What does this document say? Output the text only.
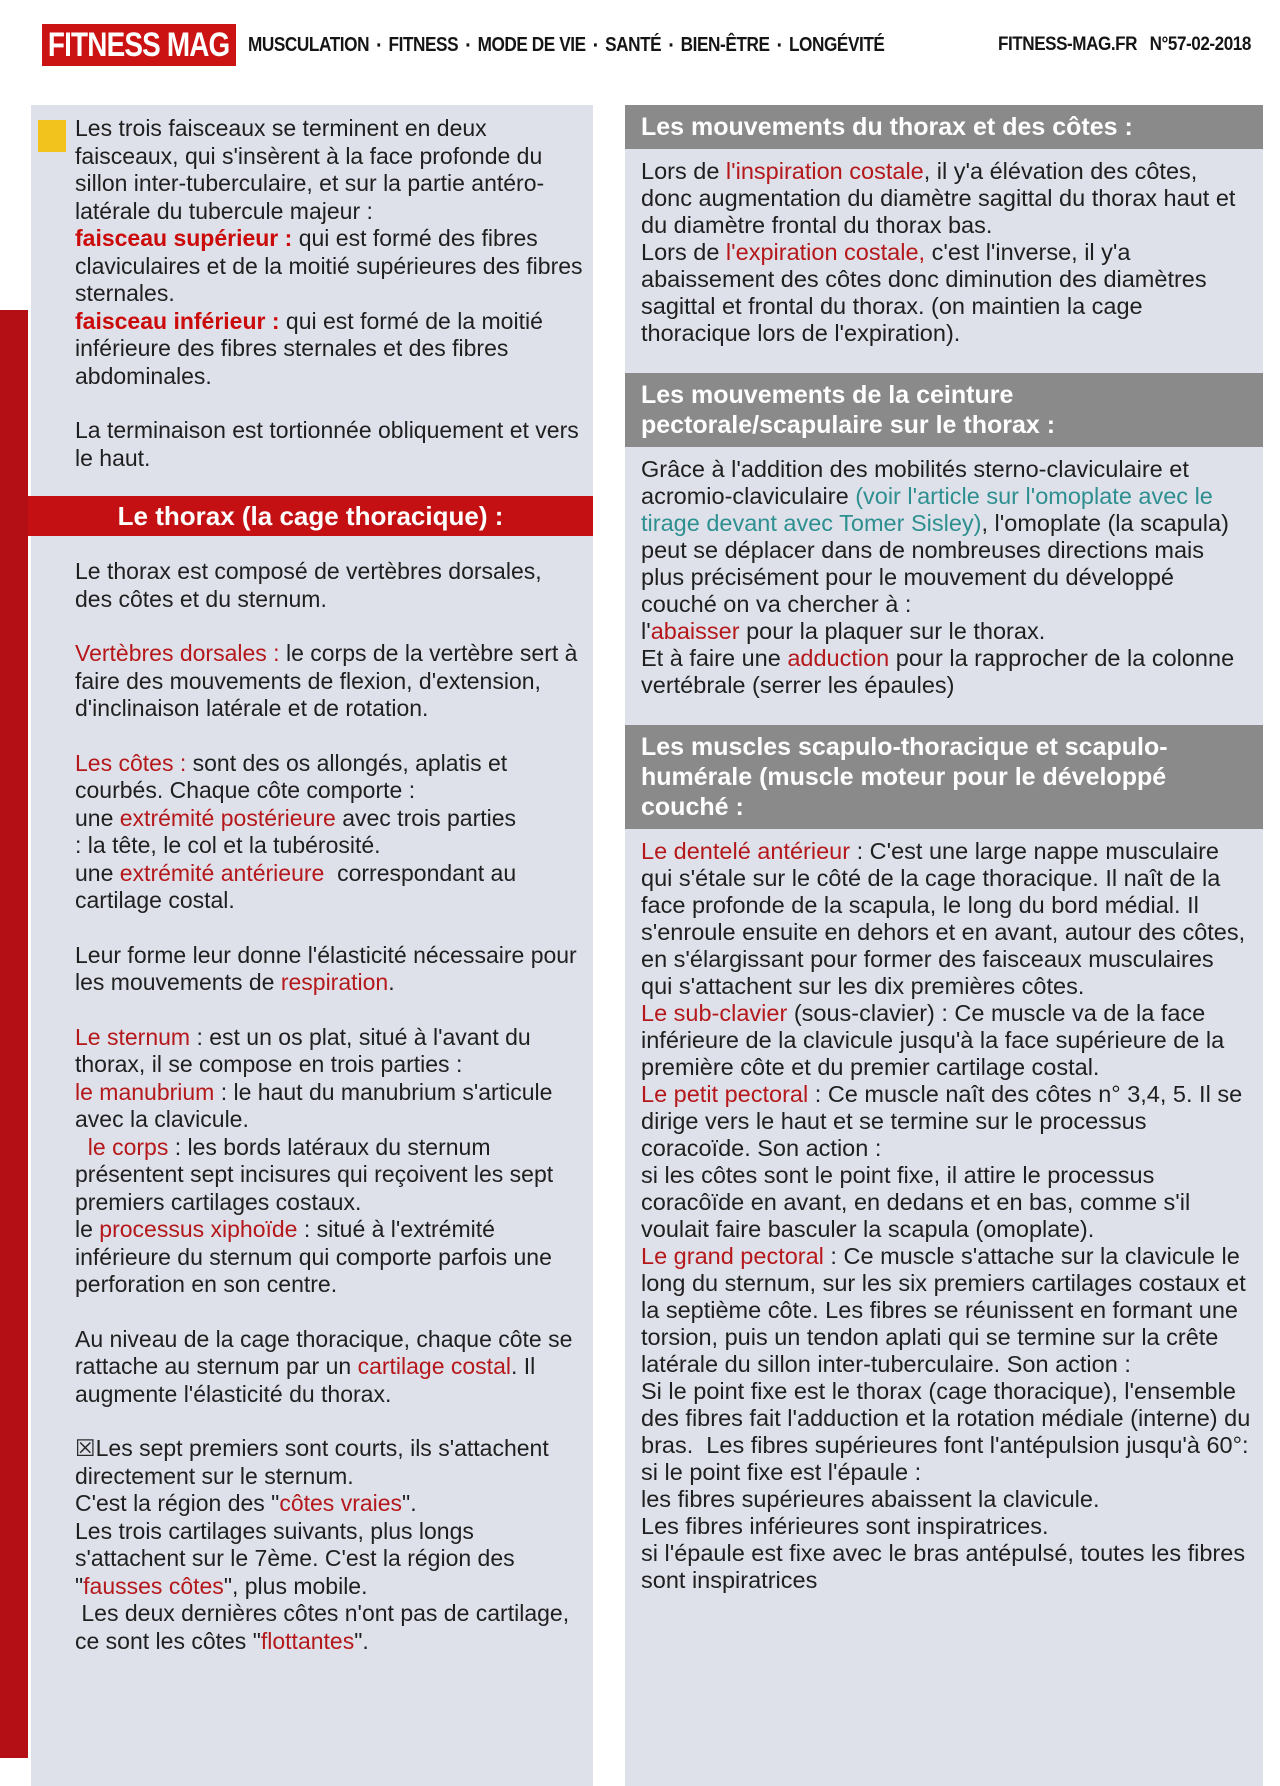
FITNESS MAG MUSCULATION ▪ FITNESS ▪ MODE DE VIE ▪ SANTÉ ▪ BIEN-ÊTRE ▪ LONGÉVITÉ	FITNESS-MAG.FR N°57-02-2018

Les trois faisceaux se terminent en deux faisceaux, qui s'insèrent à la face profonde du sillon inter-tuberculaire, et sur la partie antéro-latérale du tubercule majeur :
faisceau supérieur : qui est formé des fibres claviculaires et de la moitié supérieures des fibres sternales.
faisceau inférieur : qui est formé de la moitié inférieure des fibres sternales et des fibres abdominales.

La terminaison est tortionnée obliquement et vers le haut.

Le thorax (la cage thoracique) :

Le thorax est composé de vertèbres dorsales, des côtes et du sternum.

Vertèbres dorsales : le corps de la vertèbre sert à faire des mouvements de flexion, d'extension, d'inclinaison latérale et de rotation.

Les côtes : sont des os allongés, aplatis et courbés. Chaque côte comporte :
une extrémité postérieure avec trois parties
: la tête, le col et la tubérosité.
une extrémité antérieure  correspondant au cartilage costal.

Leur forme leur donne l'élasticité nécessaire pour les mouvements de respiration.

Le sternum : est un os plat, situé à l'avant du thorax, il se compose en trois parties :
le manubrium : le haut du manubrium s'articule avec la clavicule.
le corps : les bords latéraux du sternum présentent sept incisures qui reçoivent les sept premiers cartilages costaux.
le processus xiphoïde : situé à l'extrémité inférieure du sternum qui comporte parfois une perforation en son centre.

Au niveau de la cage thoracique, chaque côte se rattache au sternum par un cartilage costal. Il augmente l'élasticité du thorax.

☒Les sept premiers sont courts, ils s'attachent directement sur le sternum.
C'est la région des "côtes vraies".
Les trois cartilages suivants, plus longs s'attachent sur le 7ème. C'est la région des "fausses côtes", plus mobile.
Les deux dernières côtes n'ont pas de cartilage, ce sont les côtes "flottantes".

Les mouvements du thorax et des côtes :

Lors de l'inspiration costale, il y'a élévation des côtes, donc augmentation du diamètre sagittal du thorax haut et du diamètre frontal du thorax bas.
Lors de l'expiration costale, c'est l'inverse, il y'a abaissement des côtes donc diminution des diamètres sagittal et frontal du thorax. (on maintien la cage thoracique lors de l'expiration).

Les mouvements de la ceinture pectorale/scapulaire sur le thorax :

Grâce à l'addition des mobilités sterno-claviculaire et acromio-claviculaire (voir l'article sur l'omoplate avec le tirage devant avec Tomer Sisley), l'omoplate (la scapula) peut se déplacer dans de nombreuses directions mais plus précisément pour le mouvement du développé couché on va chercher à :
l'abaisser pour la plaquer sur le thorax.
Et à faire une adduction pour la rapprocher de la colonne vertébrale (serrer les épaules)

Les muscles scapulo-thoracique et scapulo-humérale (muscle moteur pour le développé couché :

Le dentelé antérieur : C'est une large nappe musculaire qui s'étale sur le côté de la cage thoracique. Il naît de la face profonde de la scapula, le long du bord médial. Il s'enroule ensuite en dehors et en avant, autour des côtes, en s'élargissant pour former des faisceaux musculaires qui s'attachent sur les dix premières côtes.
Le sub-clavier (sous-clavier) : Ce muscle va de la face inférieure de la clavicule jusqu'à la face supérieure de la première côte et du premier cartilage costal.
Le petit pectoral : Ce muscle naît des côtes n° 3,4, 5. Il se dirige vers le haut et se termine sur le processus coracoïde. Son action :
si les côtes sont le point fixe, il attire le processus coracôïde en avant, en dedans et en bas, comme s'il voulait faire basculer la scapula (omoplate).
Le grand pectoral : Ce muscle s'attache sur la clavicule le long du sternum, sur les six premiers cartilages costaux et la septième côte. Les fibres se réunissent en formant une torsion, puis un tendon aplati qui se termine sur la crête latérale du sillon inter-tuberculaire. Son action :
Si le point fixe est le thorax (cage thoracique), l'ensemble des fibres fait l'adduction et la rotation médiale (interne) du bras.  Les fibres supérieures font l'antépulsion jusqu'à 60°:
si le point fixe est l'épaule :
les fibres supérieures abaissent la clavicule.
Les fibres inférieures sont inspiratrices.
si l'épaule est fixe avec le bras antépulsé, toutes les fibres sont inspiratrices
